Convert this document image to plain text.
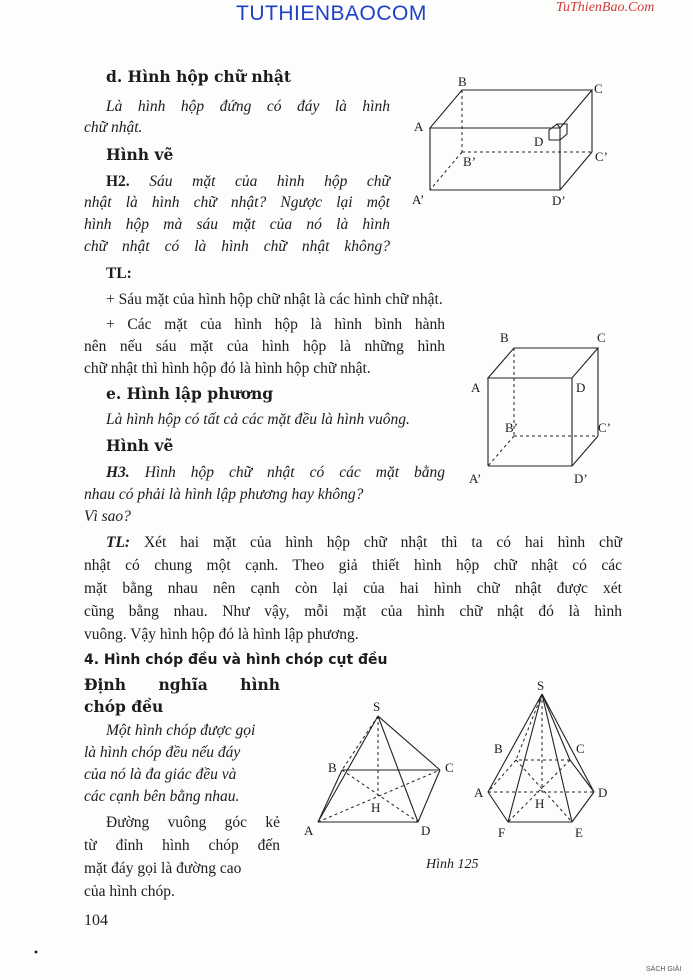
TUTHIENBAOCOM	TuThienBao.Com
d. Hình hộp chữ nhật
Là hình hộp đứng có đáy là hình
chữ nhật.
Hình vẽ
H2. Sáu mặt của hình hộp chữ
nhật là hình chữ nhật? Ngược lại một
hình hộp mà sáu mặt của nó là hình
chữ nhật có là hình chữ nhật không?
TL:
+ Sáu mặt của hình hộp chữ nhật là các hình chữ nhật.
+ Các mặt của hình hộp là hình bình hành
nên nếu sáu mặt của hình hộp là những hình
chữ nhật thì hình hộp đó là hình hộp chữ nhật.
B	C
A
D
B’	C’
A’	D’
e. Hình lập phương
Là hình hộp có tất cả các mặt đều là hình vuông.
Hình vẽ
H3. Hình hộp chữ nhật có các mặt bằng
nhau có phải là hình lập phương hay không?
Vì sao?
TL: Xét hai mặt của hình hộp chữ nhật thì ta có hai hình chữ
nhật có chung một cạnh. Theo giả thiết hình hộp chữ nhật có các
mặt bằng nhau nên cạnh còn lại của hai hình chữ nhật được xét
cũng bằng nhau. Như vậy, mỗi mặt của hình chữ nhật đó là hình
vuông. Vậy hình hộp đó là hình lập phương.
B	C
A	D
B’	C’
A’	D’
4. Hình chóp đều và hình chóp cụt đều
Định nghĩa hình
chóp đều
Một hình chóp được gọi
là hình chóp đều nếu đáy
của nó là đa giác đều và
các cạnh bên bằng nhau.
Đường vuông góc kẻ
từ đỉnh hình chóp đến
mặt đáy gọi là đường cao
của hình chóp.
S
B	C
H
A	D
S
B	C
A
H
D
F	E
Hình 125
104
•
SÁCH GIẢI
